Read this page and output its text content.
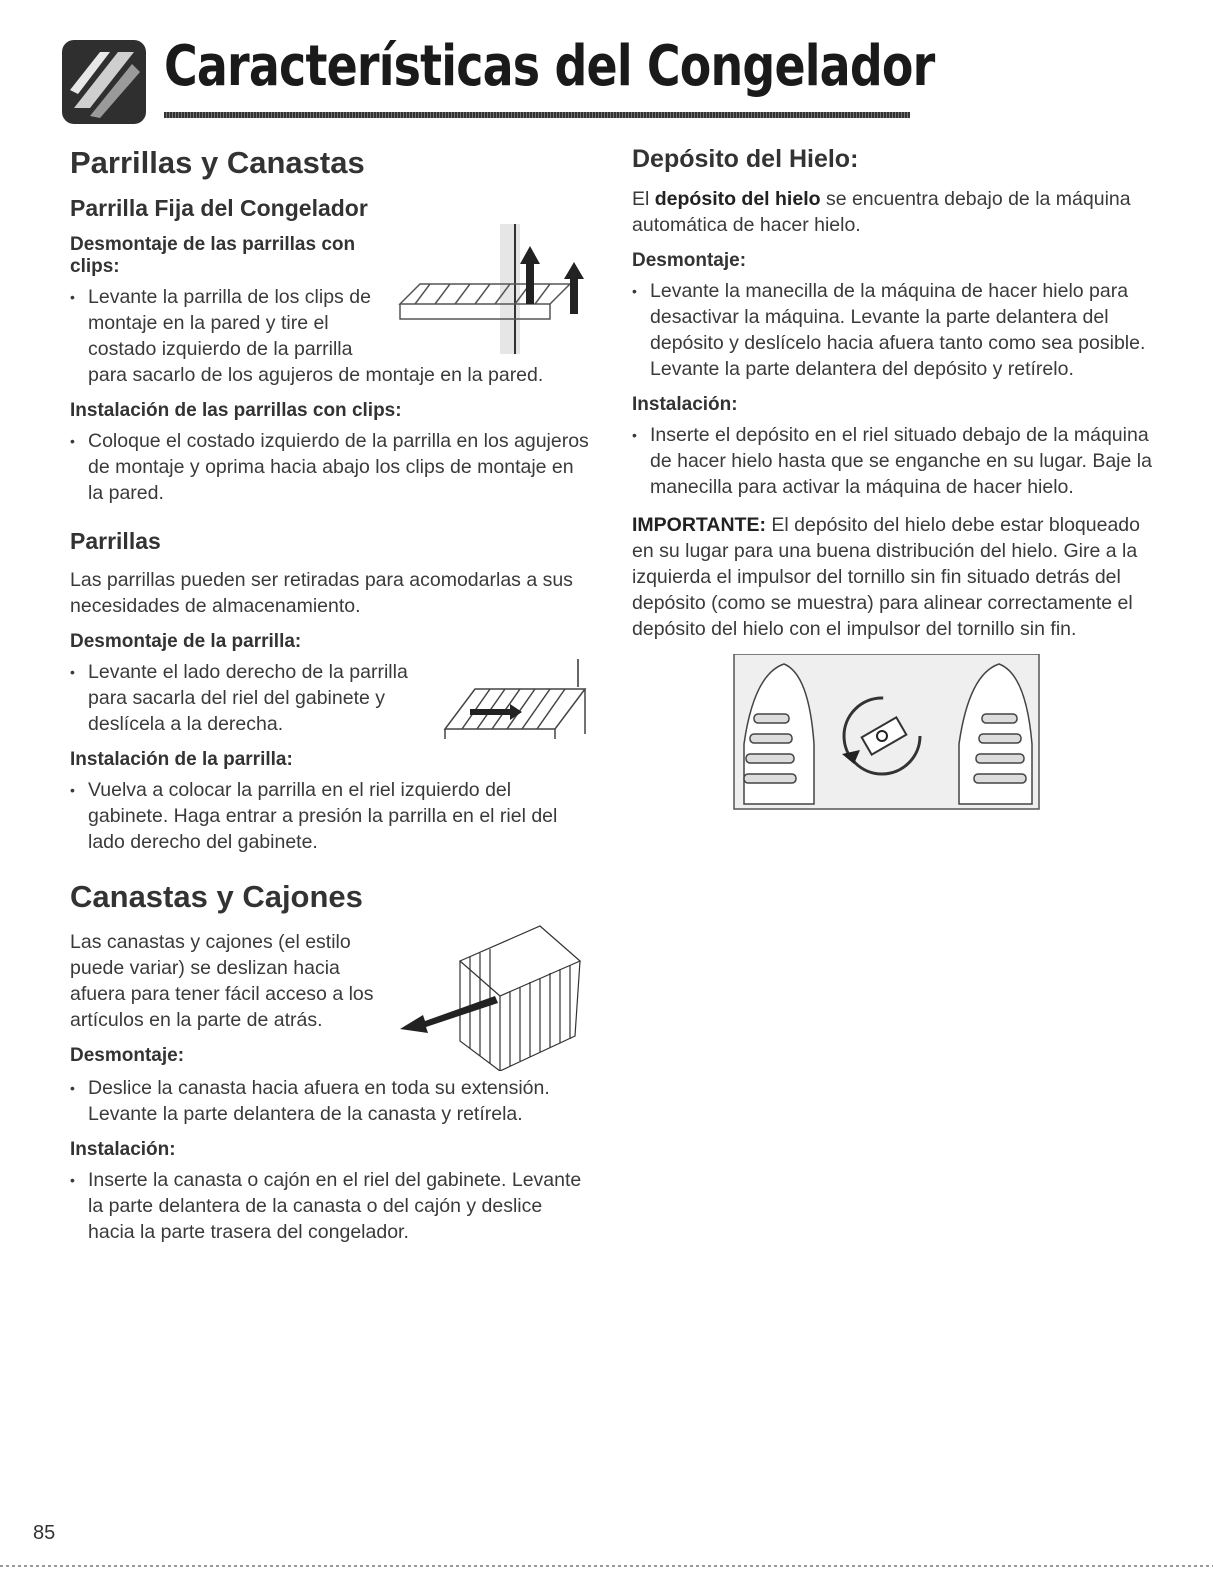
Características del Congelador
Parrillas y Canastas
Parrilla Fija del Congelador
Desmontaje de las parrillas con clips:
• Levante la parrilla de los clips de montaje en la pared y tire el costado izquierdo de la parrilla para sacarlo de los agujeros de montaje en la pared.
Instalación de las parrillas con clips:
• Coloque el costado izquierdo de la parrilla en los agujeros de montaje y oprima hacia abajo los clips de montaje en la pared.
Parrillas

Las parrillas pueden ser retiradas para acomodarlas a sus necesidades de almacenamiento.

Desmontaje de la parrilla:
• Levante el lado derecho de la parrilla para sacarla del riel del gabinete y deslícela a la derecha.
Instalación de la parrilla:
• Vuelva a colocar la parrilla en el riel izquierdo del gabinete. Haga entrar a presión la parrilla en el riel del lado derecho del gabinete.
Canastas y Cajones

Las canastas y cajones (el estilo puede variar) se deslizan hacia afuera para tener fácil acceso a los artículos en la parte de atrás.

Desmontaje:
• Deslice la canasta hacia afuera en toda su extensión. Levante la parte delantera de la canasta y retírela.
Instalación:
• Inserte la canasta o cajón en el riel del gabinete. Levante la parte delantera de la canasta o del cajón y deslice hacia la parte trasera del congelador.
Depósito del Hielo:

El depósito del hielo se encuentra debajo de la máquina automática de hacer hielo.

Desmontaje:
• Levante la manecilla de la máquina de hacer hielo para desactivar la máquina. Levante la parte delantera del depósito y deslícelo hacia afuera tanto como sea posible. Levante la parte delantera del depósito y retírelo.
Instalación:
• Inserte el depósito en el riel situado debajo de la máquina de hacer hielo hasta que se enganche en su lugar. Baje la manecilla para activar la máquina de hacer hielo.

IMPORTANTE: El depósito del hielo debe estar bloqueado en su lugar para una buena distribución del hielo. Gire a la izquierda el impulsor del tornillo sin fin situado detrás del depósito (como se muestra) para alinear correctamente el depósito del hielo con el impulsor del tornillo sin fin.

85
